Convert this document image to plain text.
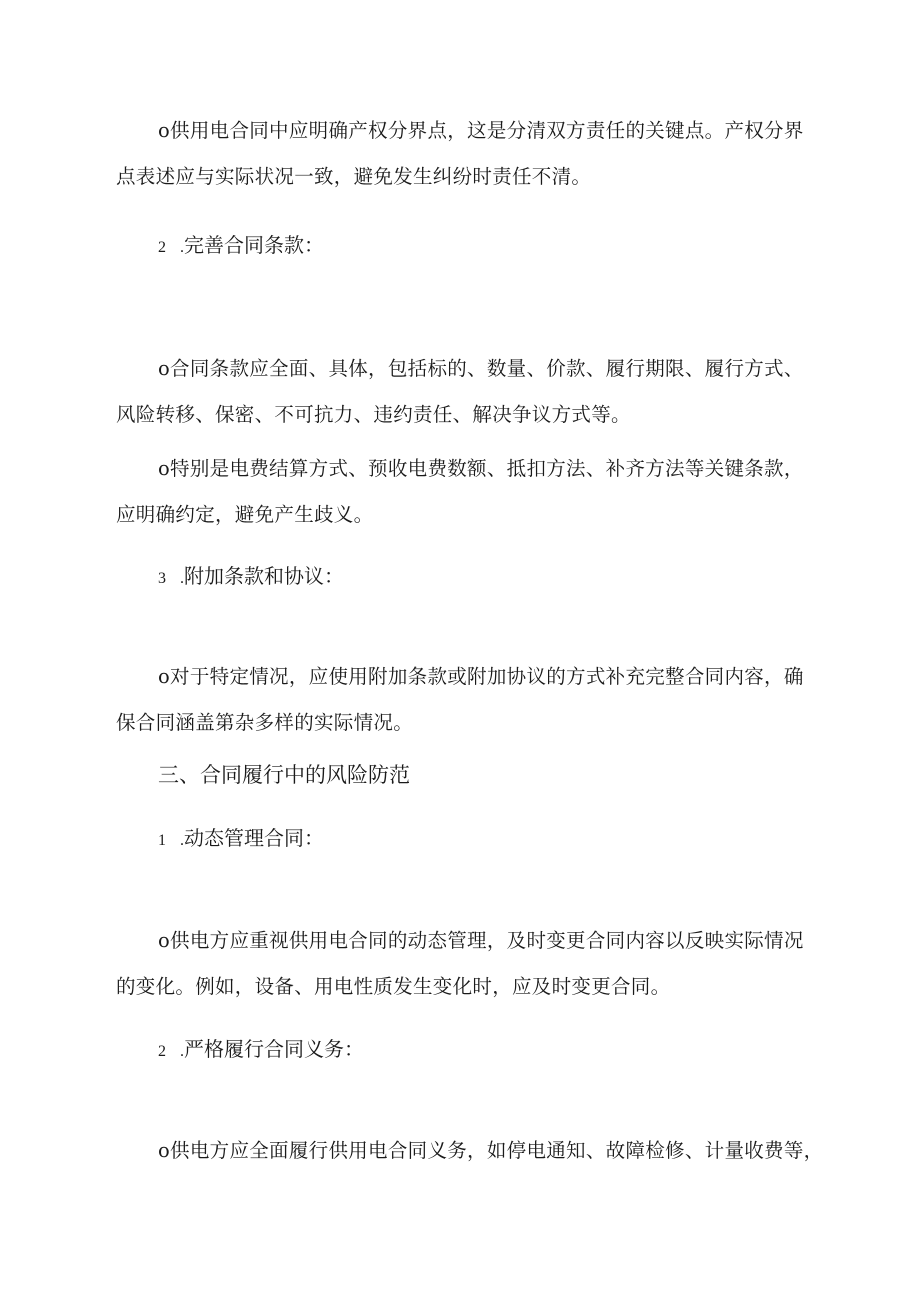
o供用电合同中应明确产权分界点，这是分清双方责任的关键点。产权分界点表述应与实际状况一致，避免发生纠纷时责任不清。

2 .完善合同条款：

o合同条款应全面、具体，包括标的、数量、价款、履行期限、履行方式、风险转移、保密、不可抗力、违约责任、解决争议方式等。

o特别是电费结算方式、预收电费数额、抵扣方法、补齐方法等关键条款，应明确约定，避免产生歧义。

3 .附加条款和协议：

o对于特定情况，应使用附加条款或附加协议的方式补充完整合同内容，确保合同涵盖第杂多样的实际情况。

三、合同履行中的风险防范
1 .动态管理合同：

o供电方应重视供用电合同的动态管理，及时变更合同内容以反映实际情况的变化。例如，设备、用电性质发生变化时，应及时变更合同。

2 .严格履行合同义务：

o供电方应全面履行供用电合同义务，如停电通知、故障检修、计量收费等，
